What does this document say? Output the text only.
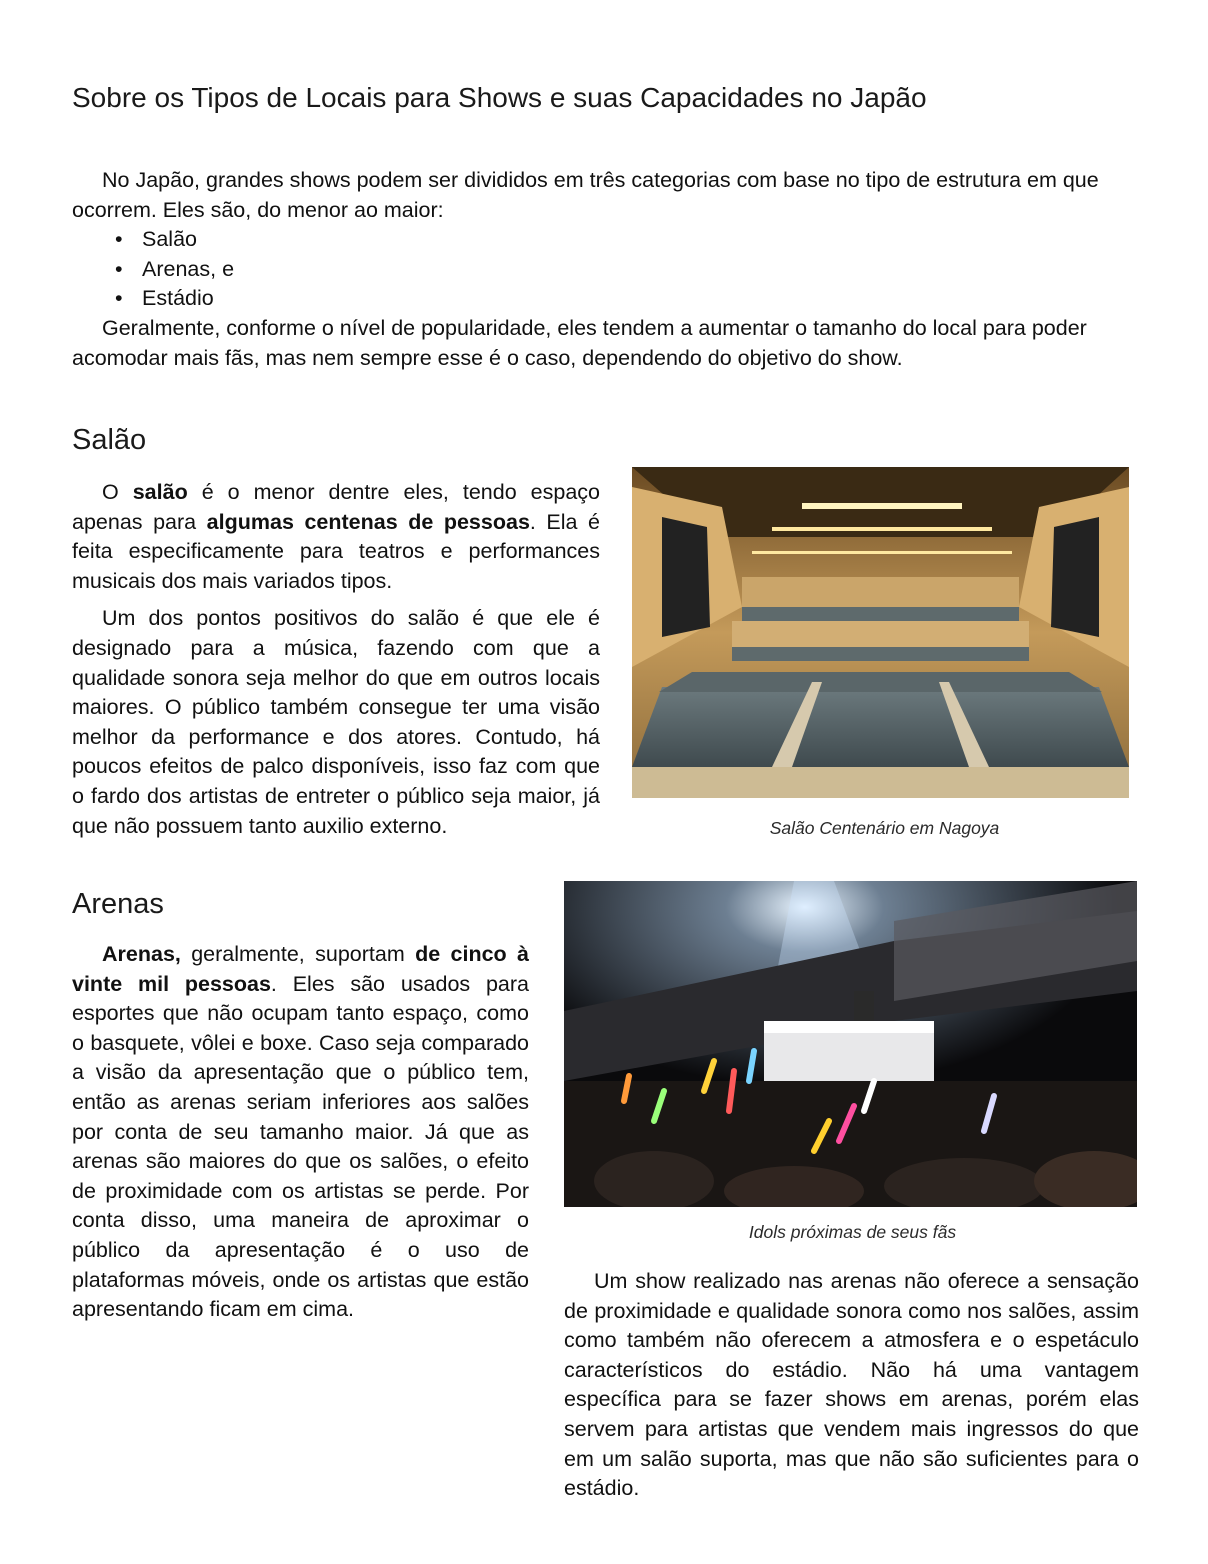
Sobre os Tipos de Locais para Shows e suas Capacidades no Japão

No Japão, grandes shows podem ser divididos em três categorias com base no tipo de estrutura em que ocorrem. Eles são, do menor ao maior:

• Salão
• Arenas, e
• Estádio

Geralmente, conforme o nível de popularidade, eles tendem a aumentar o tamanho do local para poder acomodar mais fãs, mas nem sempre esse é o caso, dependendo do objetivo do show.

Salão

O salão é o menor dentre eles, tendo espaço apenas para algumas centenas de pessoas. Ela é feita especificamente para teatros e performances musicais dos mais variados tipos.

Um dos pontos positivos do salão é que ele é designado para a música, fazendo com que a qualidade sonora seja melhor do que em outros locais maiores. O público também consegue ter uma visão melhor da performance e dos atores. Contudo, há poucos efeitos de palco disponíveis, isso faz com que o fardo dos artistas de entreter o público seja maior, já que não possuem tanto auxilio externo.	Salão Centenário em Nagoya
Arenas

Arenas, geralmente, suportam de cinco à vinte mil pessoas. Eles são usados para esportes que não ocupam tanto espaço, como o basquete, vôlei e boxe. Caso seja comparado a visão da apresentação que o público tem, então as arenas seriam inferiores aos salões por conta de seu tamanho maior. Já que as arenas são maiores do que os salões, o efeito de proximidade com os artistas se perde. Por conta disso, uma maneira de aproximar o público da apresentação é o uso de plataformas móveis, onde os artistas que estão apresentando ficam em cima.

Idols próximas de seus fãs

Um show realizado nas arenas não oferece a sensação de proximidade e qualidade sonora como nos salões, assim como também não oferecem a atmosfera e o espetáculo característicos do estádio. Não há uma vantagem específica para se fazer shows em arenas, porém elas servem para artistas que vendem mais ingressos do que em um salão suporta, mas que não são suficientes para o estádio.
